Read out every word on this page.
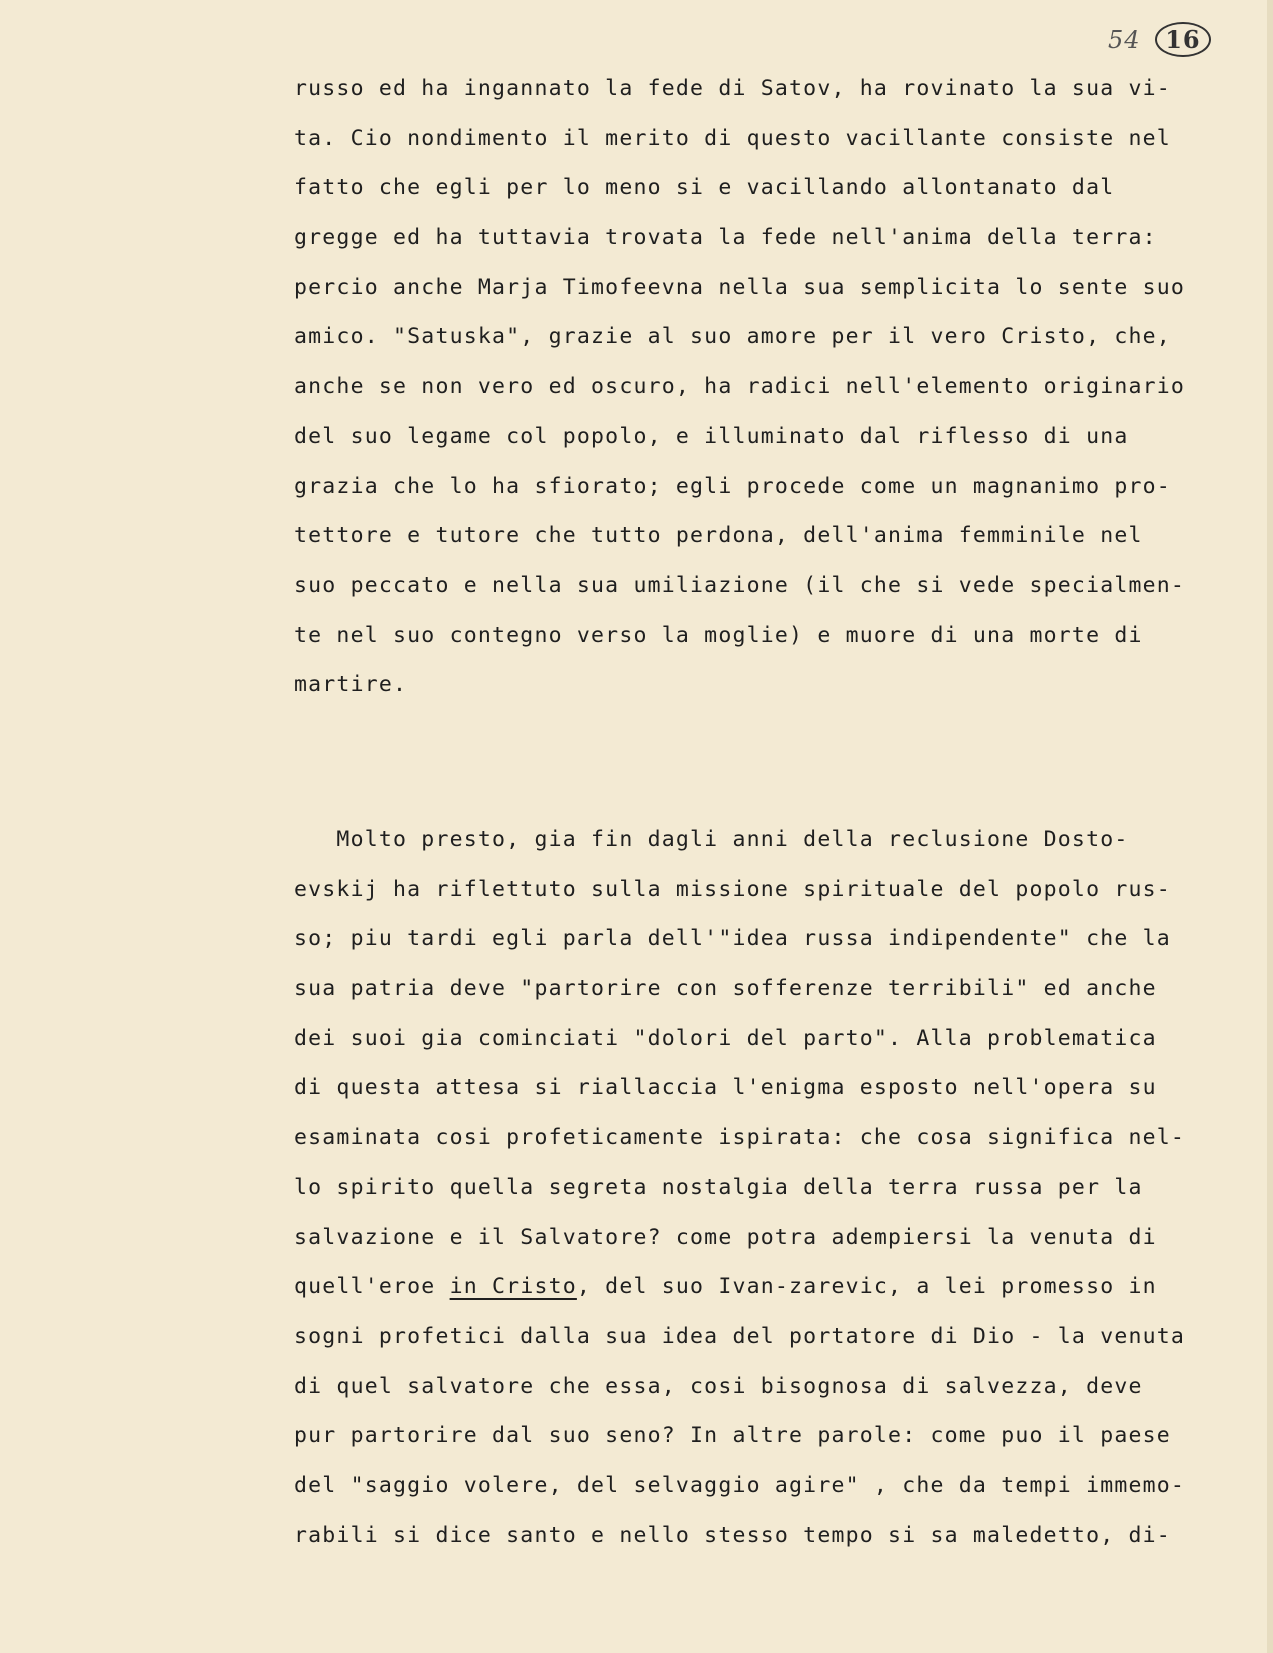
54 16
russo ed ha ingannato la fede di Satov, ha rovinato la sua vi-
ta. Cio nondimento il merito di questo vacillante consiste nel
fatto che egli per lo meno si e vacillando allontanato dal
gregge ed ha tuttavia trovata la fede nell'anima della terra:
percio anche Marja Timofeevna nella sua semplicita lo sente suo
amico. "Satuska", grazie al suo amore per il vero Cristo, che,
anche se non vero ed oscuro, ha radici nell'elemento originario
del suo legame col popolo, e illuminato dal riflesso di una
grazia che lo ha sfiorato; egli procede come un magnanimo pro-
tettore e tutore che tutto perdona, dell'anima femminile nel
suo peccato e nella sua umiliazione (il che si vede specialmen-
te nel suo contegno verso la moglie) e muore di una morte di
martire.
Molto presto, gia fin dagli anni della reclusione Dosto-
evskij ha riflettuto sulla missione spirituale del popolo rus-
so; piu tardi egli parla dell'"idea russa indipendente" che la
sua patria deve "partorire con sofferenze terribili" ed anche
dei suoi gia cominciati "dolori del parto". Alla problematica
di questa attesa si riallaccia l'enigma esposto nell'opera su
esaminata cosi profeticamente ispirata: che cosa significa nel-
lo spirito quella segreta nostalgia della terra russa per la
salvazione e il Salvatore? come potra adempiersi la venuta di
quell'eroe in Cristo, del suo Ivan-zarevic, a lei promesso in
sogni profetici dalla sua idea del portatore di Dio - la venuta
di quel salvatore che essa, cosi bisognosa di salvezza, deve
pur partorire dal suo seno? In altre parole: come puo il paese
del "saggio volere, del selvaggio agire" , che da tempi immemo-
rabili si dice santo e nello stesso tempo si sa maledetto, di-
